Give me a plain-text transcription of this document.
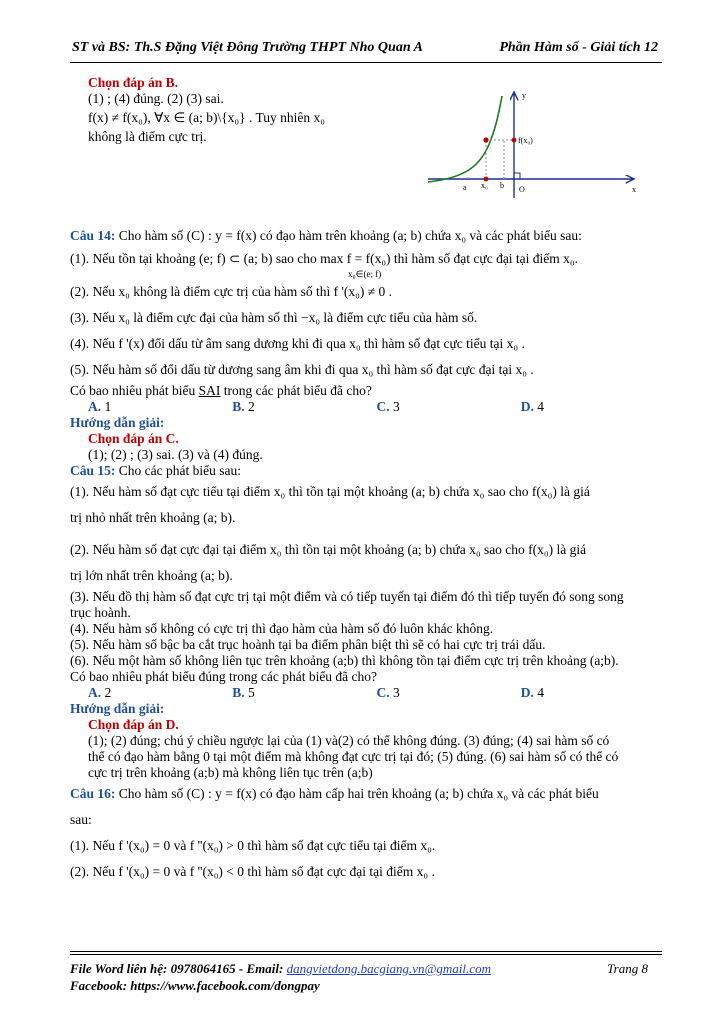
ST và BS: Th.S Đặng Việt Đông Trường THPT Nho Quan A	Phần Hàm số - Giải tích 12

Chọn đáp án B.

(1) ; (4) đúng. (2) (3) sai.

f(x) ≠ f(x₀), ∀x ∈ (a; b)\{x₀} . Tuy nhiên x₀

không là điểm cực trị.

Câu 14: Cho hàm số (C) : y = f(x) có đạo hàm trên khoảng (a; b) chứa x₀ và các phát biểu sau:

(1). Nếu tồn tại khoảng (e; f) ⊂ (a; b) sao cho max f = f(x₀) thì hàm số đạt cực đại tại điểm x₀.

x₀∈(e; f)

(2). Nếu x₀ không là điểm cực trị của hàm số thì f '(x₀) ≠ 0 .

(3). Nếu x₀ là điểm cực đại của hàm số thì −x₀ là điểm cực tiểu của hàm số.

(4). Nếu f '(x) đổi dấu từ âm sang dương khi đi qua x₀ thì hàm số đạt cực tiểu tại x₀ .

(5). Nếu hàm số đổi dấu từ dương sang âm khi đi qua x₀ thì hàm số đạt cực đại tại x₀ .

Có bao nhiêu phát biểu SAI trong các phát biểu đã cho?

A. 1	B. 2	C. 3	D. 4

Hướng dẫn giải:

Chọn đáp án C.

(1); (2) ; (3) sai. (3) và (4) đúng.

Câu 15: Cho các phát biểu sau:

(1). Nếu hàm số đạt cực tiểu tại điểm x₀ thì tồn tại một khoảng (a; b) chứa x₀ sao cho f(x₀) là giá

trị nhỏ nhất trên khoảng (a; b).

(2). Nếu hàm số đạt cực đại tại điểm x₀ thì tồn tại một khoảng (a; b) chứa x₀ sao cho f(x₀) là giá

trị lớn nhất trên khoảng (a; b).

(3). Nếu đồ thị hàm số đạt cực trị tại một điểm và có tiếp tuyến tại điểm đó thì tiếp tuyến đó song song

trục hoành.

(4). Nếu hàm số không có cực trị thì đạo hàm của hàm số đó luôn khác không.

(5). Nếu hàm số bậc ba cắt trục hoành tại ba điểm phân biệt thì sẽ có hai cực trị trái dấu.

(6). Nếu một hàm số không liên tục trên khoảng (a;b) thì không tồn tại điểm cực trị trên khoảng (a;b).

Có bao nhiêu phát biểu đúng trong các phát biểu đã cho?

A. 2	B. 5	C. 3	D. 4

Hướng dẫn giải:

Chọn đáp án D.

(1); (2) đúng; chú ý chiều ngược lại của (1) và(2) có thể không đúng. (3) đúng; (4) sai hàm số có

thể có đạo hàm bằng 0 tại một điểm mà không đạt cực trị tại đó; (5) đúng. (6) sai hàm số có thể có

cực trị trên khoảng (a;b) mà không liên tục trên (a;b)

Câu 16: Cho hàm số (C) : y = f(x) có đạo hàm cấp hai trên khoảng (a; b) chứa x₀ và các phát biểu

sau:

(1). Nếu f '(x₀) = 0 và f ''(x₀) > 0 thì hàm số đạt cực tiểu tại điểm x₀.

(2). Nếu f '(x₀) = 0 và f ''(x₀) < 0 thì hàm số đạt cực đại tại điểm x₀ .

y
x
O
a x₀ b
f(x₀)
File Word liên hệ: 0978064165 - Email: dangvietdong.bacgiang.vn@gmail.com
Facebook: https://www.facebook.com/dongpay
Trang 8
